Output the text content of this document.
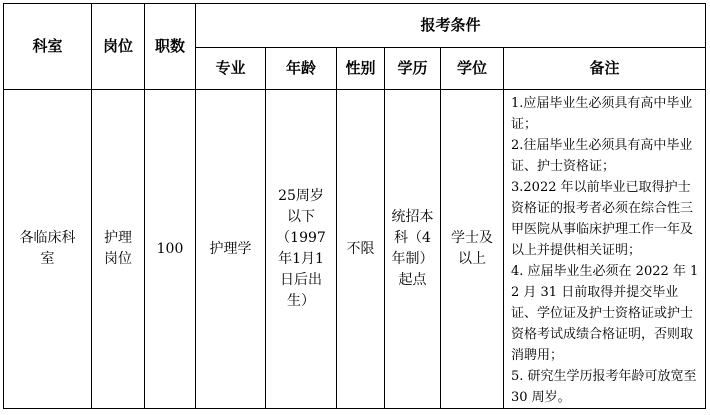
科室	岗位	职数	报考条件					
			专业	年龄	性别	学历	学位	备注

各临床科室	护理岗位	100	护理学	25周岁以下（1997年1月1日后出生）	不限	统招本科（4年制）起点	学士及以上	1.应届毕业生必须具有高中毕业证；
2.往届毕业生必须具有高中毕业证、护士资格证；
3.2022 年以前毕业已取得护士资格证的报考者必须在综合性三甲医院从事临床护理工作一年及以上并提供相关证明；
4. 应届毕业生必须在 2022 年 12 月 31 日前取得并提交毕业证、学位证及护士资格证或护士资格考试成绩合格证明，否则取消聘用；
5. 研究生学历报考年龄可放宽至 30 周岁。
